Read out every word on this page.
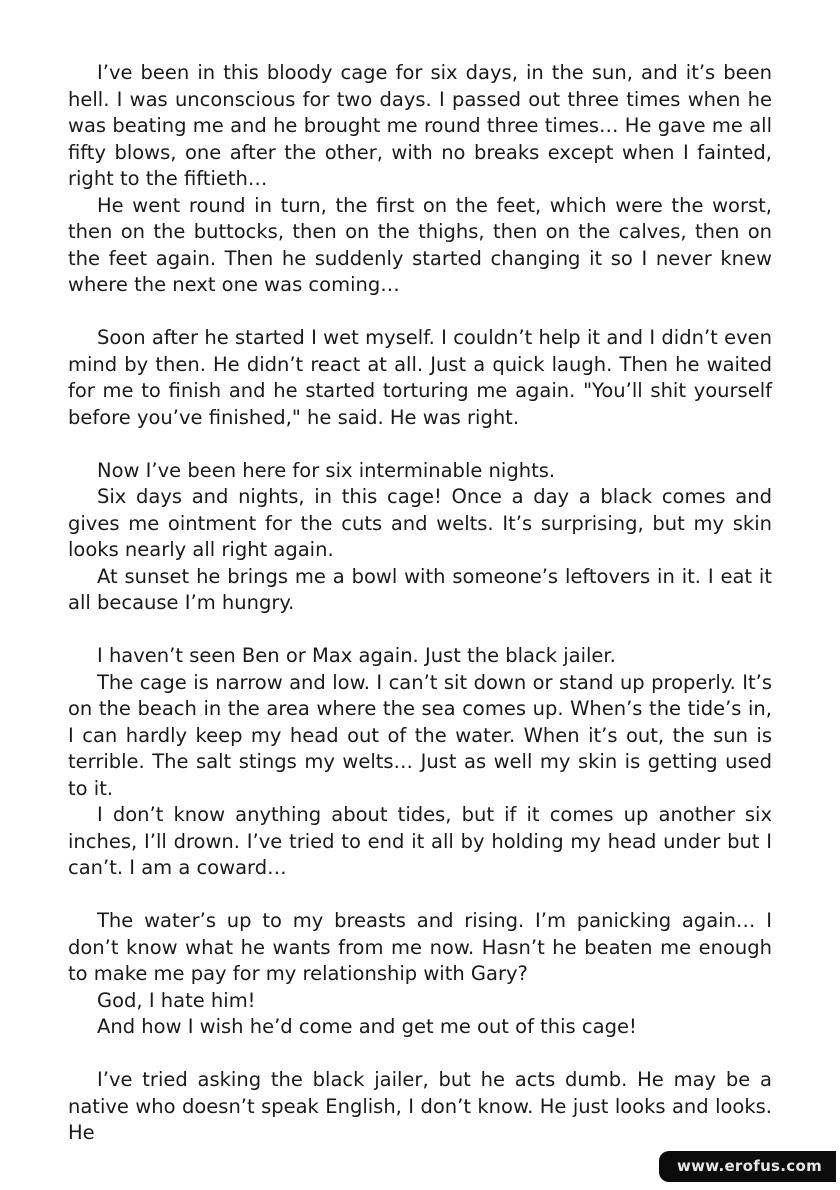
I’ve been in this bloody cage for six days, in the sun, and it’s been hell. I was unconscious for two days. I passed out three times when he was beating me and he brought me round three times… He gave me all fifty blows, one after the other, with no breaks except when I fainted, right to the fiftieth…

He went round in turn, the first on the feet, which were the worst, then on the buttocks, then on the thighs, then on the calves, then on the feet again. Then he suddenly started changing it so I never knew where the next one was coming…

Soon after he started I wet myself. I couldn’t help it and I didn’t even mind by then. He didn’t react at all. Just a quick laugh. Then he waited for me to finish and he started torturing me again. "You’ll shit yourself before you’ve finished," he said. He was right.

Now I’ve been here for six interminable nights.

Six days and nights, in this cage! Once a day a black comes and gives me ointment for the cuts and welts. It’s surprising, but my skin looks nearly all right again.

At sunset he brings me a bowl with someone’s leftovers in it. I eat it all because I’m hungry.

I haven’t seen Ben or Max again. Just the black jailer.

The cage is narrow and low. I can’t sit down or stand up properly. It’s on the beach in the area where the sea comes up. When’s the tide’s in, I can hardly keep my head out of the water. When it’s out, the sun is terrible. The salt stings my welts… Just as well my skin is getting used to it.

I don’t know anything about tides, but if it comes up another six inches, I’ll drown. I’ve tried to end it all by holding my head under but I can’t. I am a coward…

The water’s up to my breasts and rising. I’m panicking again… I don’t know what he wants from me now. Hasn’t he beaten me enough to make me pay for my relationship with Gary?

God, I hate him!

And how I wish he’d come and get me out of this cage!

I’ve tried asking the black jailer, but he acts dumb. He may be a native who doesn’t speak English, I don’t know. He just looks and looks. He

www.erofus.com
